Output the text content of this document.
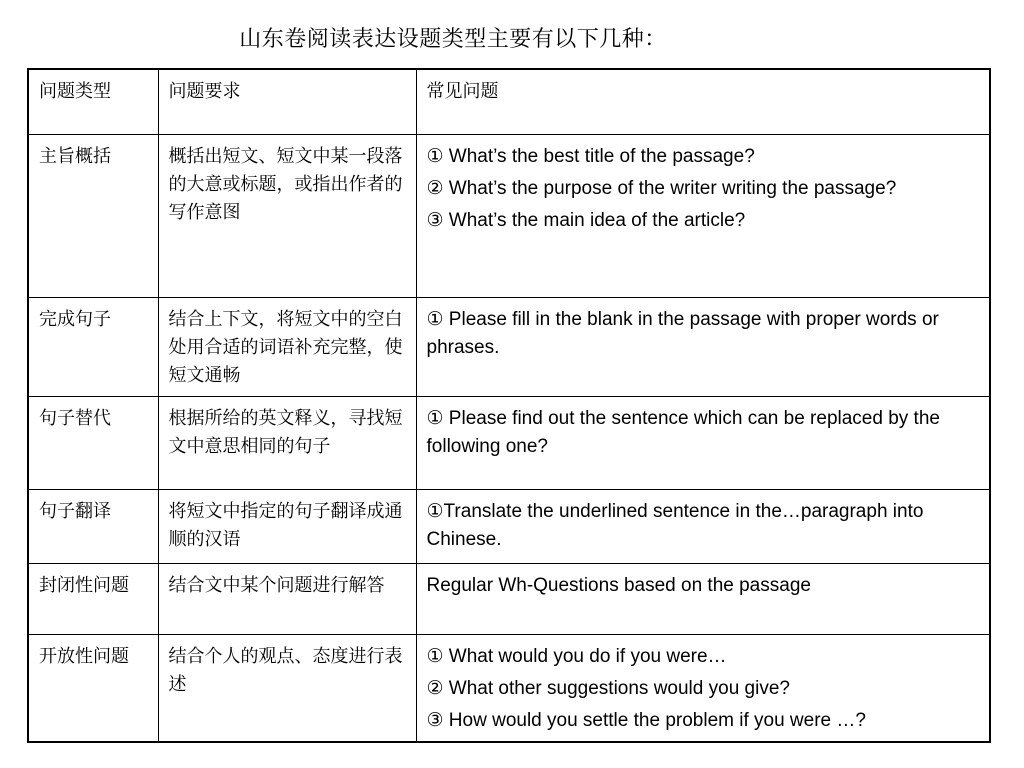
山东卷阅读表达设题类型主要有以下几种：
问题类型	问题要求	常见问题
主旨概括	概括出短文、短文中某一段落的大意或标题，或指出作者的写作意图	① What’s the best title of the passage?
② What’s the purpose of the writer writing the passage?
③ What’s the main idea of the article?

完成句子	结合上下文，将短文中的空白处用合适的词语补充完整，使短文通畅	① Please fill in the blank in the passage with proper words or phrases.

句子替代	根据所给的英文释义，寻找短文中意思相同的句子	① Please find out the sentence which can be replaced by the following one?

句子翻译	将短文中指定的句子翻译成通顺的汉语	①Translate the underlined sentence in the…paragraph into Chinese.

封闭性问题	结合文中某个问题进行解答	Regular Wh-Questions based on the passage

开放性问题	结合个人的观点、态度进行表述	① What would you do if you were…
② What other suggestions would you give?
③ How would you settle the problem if you were …?
